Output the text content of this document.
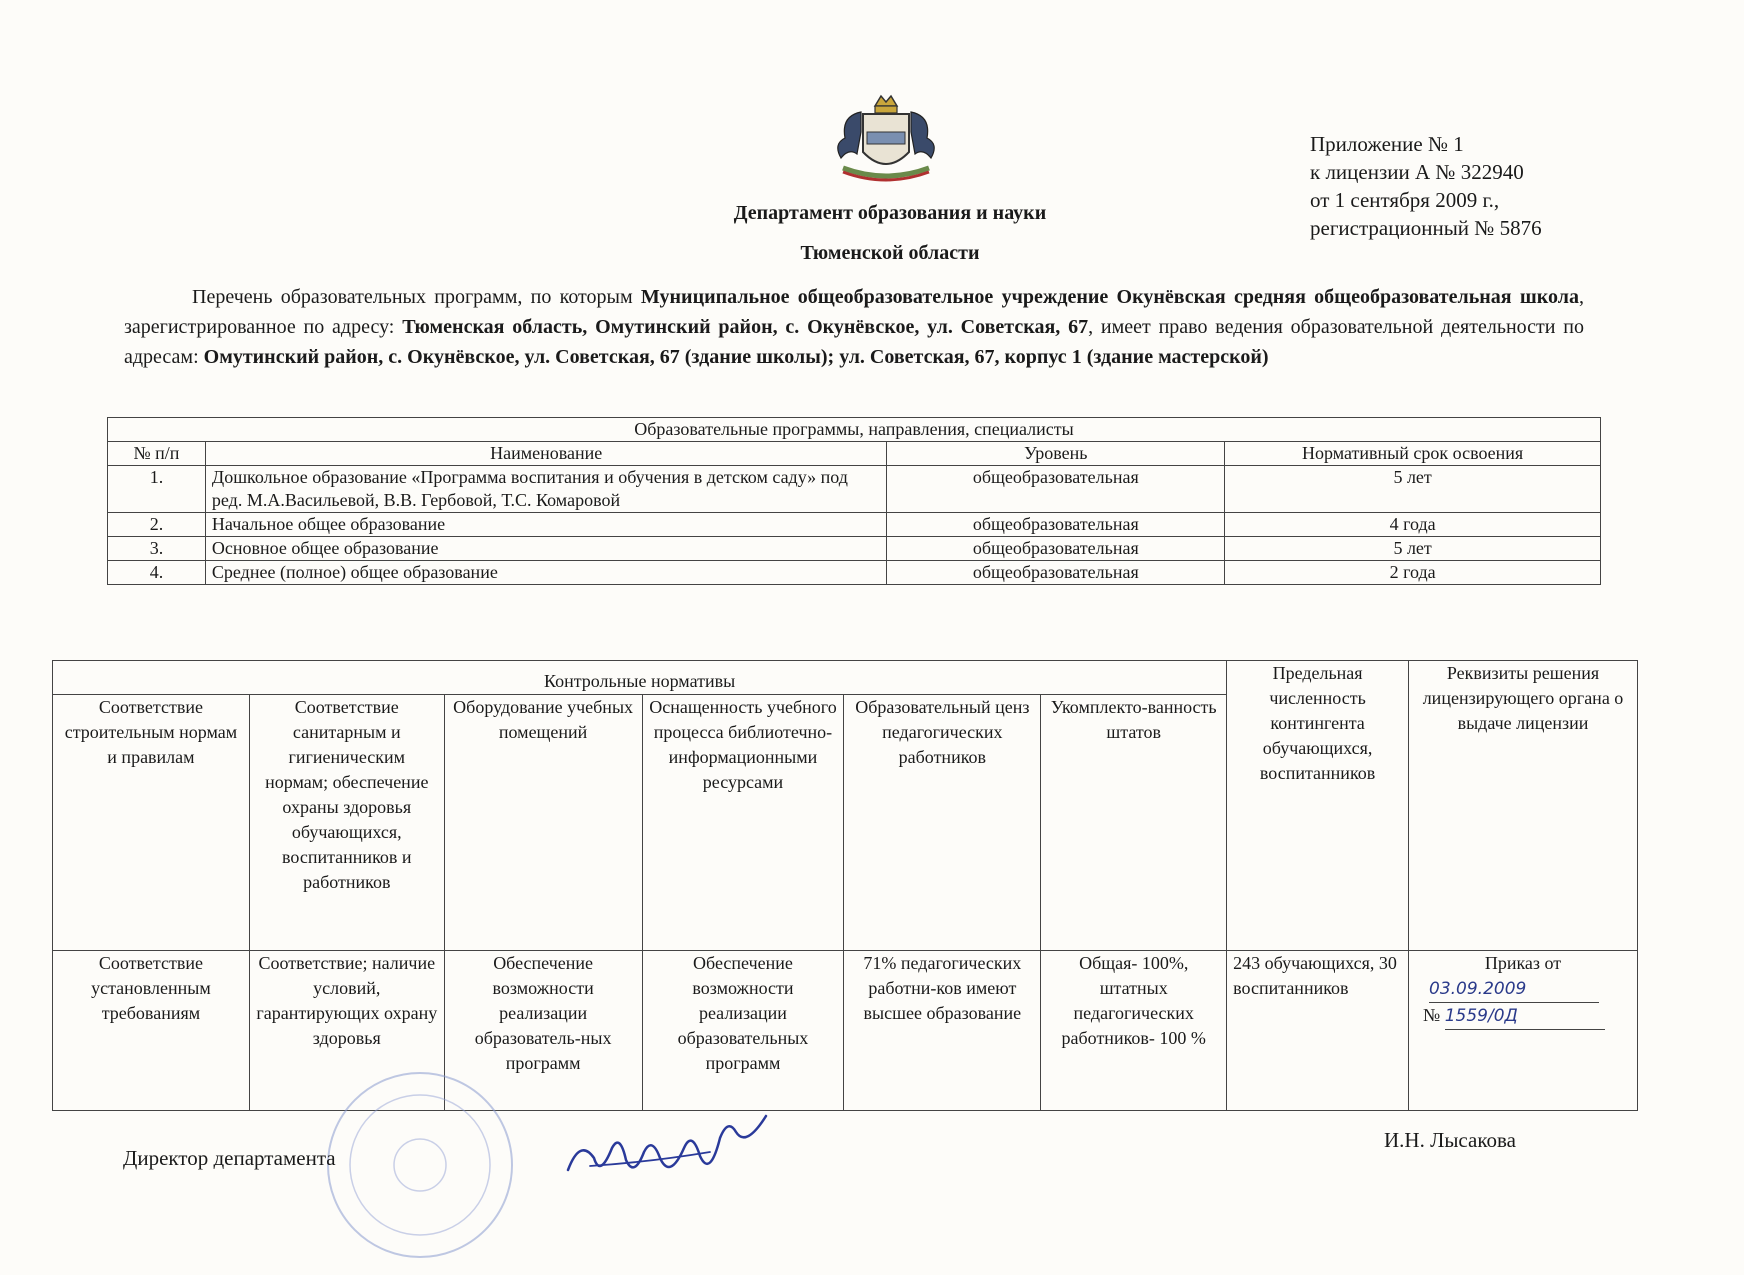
Приложение № 1
к лицензии А № 322940
от 1 сентября 2009 г.,
регистрационный № 5876
Департамент образования и науки
Тюменской области
Перечень образовательных программ, по которым Муниципальное общеобразовательное учреждение Окунёвская средняя общеобразовательная школа, зарегистрированное по адресу: Тюменская область, Омутинский район, с. Окунёвское, ул. Советская, 67, имеет право ведения образовательной деятельности по адресам: Омутинский район, с. Окунёвское, ул. Советская, 67 (здание школы); ул. Советская, 67, корпус 1 (здание мастерской)
Образовательные программы, направления, специалисты			
№ п/п	Наименование	Уровень	Нормативный срок освоения
1.	Дошкольное образование «Программа воспитания и обучения в детском саду» под ред. М.А.Васильевой, В.В. Гербовой, Т.С. Комаровой	общеобразовательная	5 лет
2.	Начальное общее образование	общеобразовательная	4 года
3.	Основное общее образование	общеобразовательная	5 лет
4.	Среднее (полное) общее образование	общеобразовательная	2 года
Контрольные нормативы						Предельная численность контингента обучающихся, воспитанников	Реквизиты решения лицензирующего органа о выдаче лицензии
Соответствие строительным нормам и правилам	Соответствие санитарным и гигиеническим нормам; обеспечение охраны здоровья обучающихся, воспитанников и работников	Оборудование учебных помещений	Оснащенность учебного процесса библиотечно-информационными ресурсами	Образовательный ценз педагогических работников	Укомплекто-ванность штатов		
Соответствие установленным требованиям	Соответствие; наличие условий, гарантирующих охрану здоровья	Обеспечение возможности реализации образователь-ных программ	Обеспечение возможности реализации образовательных программ	71% педагогических работни-ков имеют высшее образование	Общая- 100%, штатных педагогических работников- 100 %	243 обучающихся, 30 воспитанников	Приказ от
03.09.2009
№ 1559/0Д
Директор департамента
И.Н. Лысакова
